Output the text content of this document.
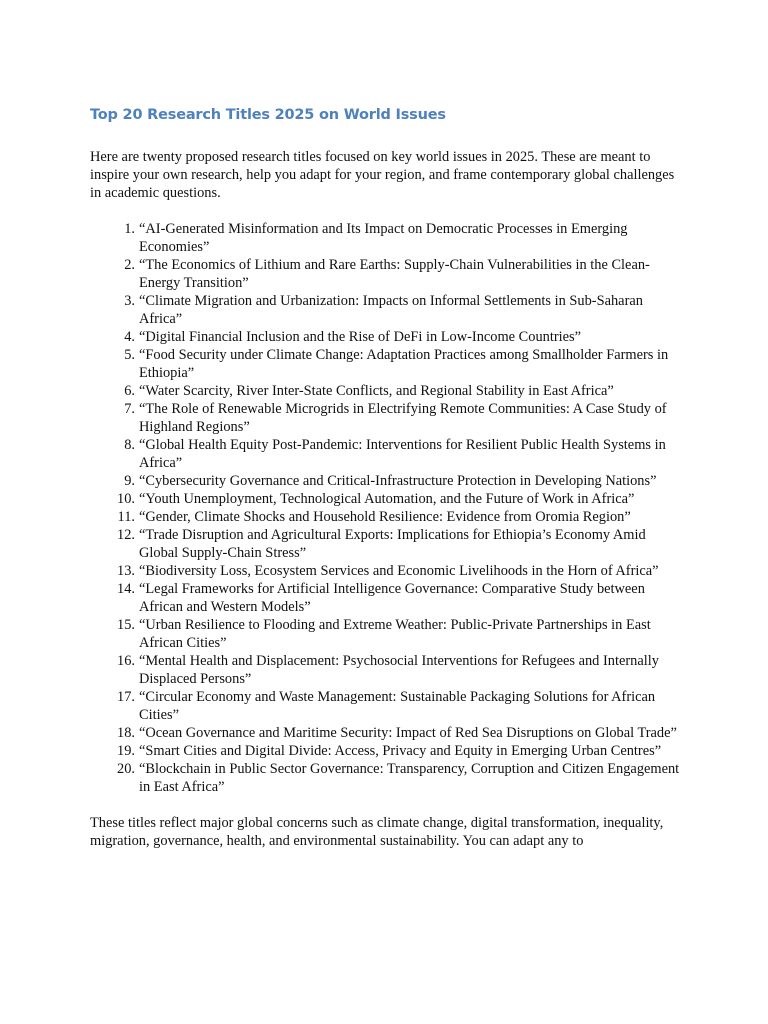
Top 20 Research Titles 2025 on World Issues

Here are twenty proposed research titles focused on key world issues in 2025. These are meant to inspire your own research, help you adapt for your region, and frame contemporary global challenges in academic questions.

1. “AI-Generated Misinformation and Its Impact on Democratic Processes in Emerging Economies”
2. “The Economics of Lithium and Rare Earths: Supply-Chain Vulnerabilities in the Clean-Energy Transition”
3. “Climate Migration and Urbanization: Impacts on Informal Settlements in Sub-Saharan Africa”
4. “Digital Financial Inclusion and the Rise of DeFi in Low-Income Countries”
5. “Food Security under Climate Change: Adaptation Practices among Smallholder Farmers in Ethiopia”
6. “Water Scarcity, River Inter-State Conflicts, and Regional Stability in East Africa”
7. “The Role of Renewable Microgrids in Electrifying Remote Communities: A Case Study of Highland Regions”
8. “Global Health Equity Post-Pandemic: Interventions for Resilient Public Health Systems in Africa”
9. “Cybersecurity Governance and Critical-Infrastructure Protection in Developing Nations”
10. “Youth Unemployment, Technological Automation, and the Future of Work in Africa”
11. “Gender, Climate Shocks and Household Resilience: Evidence from Oromia Region”
12. “Trade Disruption and Agricultural Exports: Implications for Ethiopia’s Economy Amid Global Supply-Chain Stress”
13. “Biodiversity Loss, Ecosystem Services and Economic Livelihoods in the Horn of Africa”
14. “Legal Frameworks for Artificial Intelligence Governance: Comparative Study between African and Western Models”
15. “Urban Resilience to Flooding and Extreme Weather: Public-Private Partnerships in East African Cities”
16. “Mental Health and Displacement: Psychosocial Interventions for Refugees and Internally Displaced Persons”
17. “Circular Economy and Waste Management: Sustainable Packaging Solutions for African Cities”
18. “Ocean Governance and Maritime Security: Impact of Red Sea Disruptions on Global Trade”
19. “Smart Cities and Digital Divide: Access, Privacy and Equity in Emerging Urban Centres”
20. “Blockchain in Public Sector Governance: Transparency, Corruption and Citizen Engagement in East Africa”

These titles reflect major global concerns such as climate change, digital transformation, inequality, migration, governance, health, and environmental sustainability. You can adapt any to
